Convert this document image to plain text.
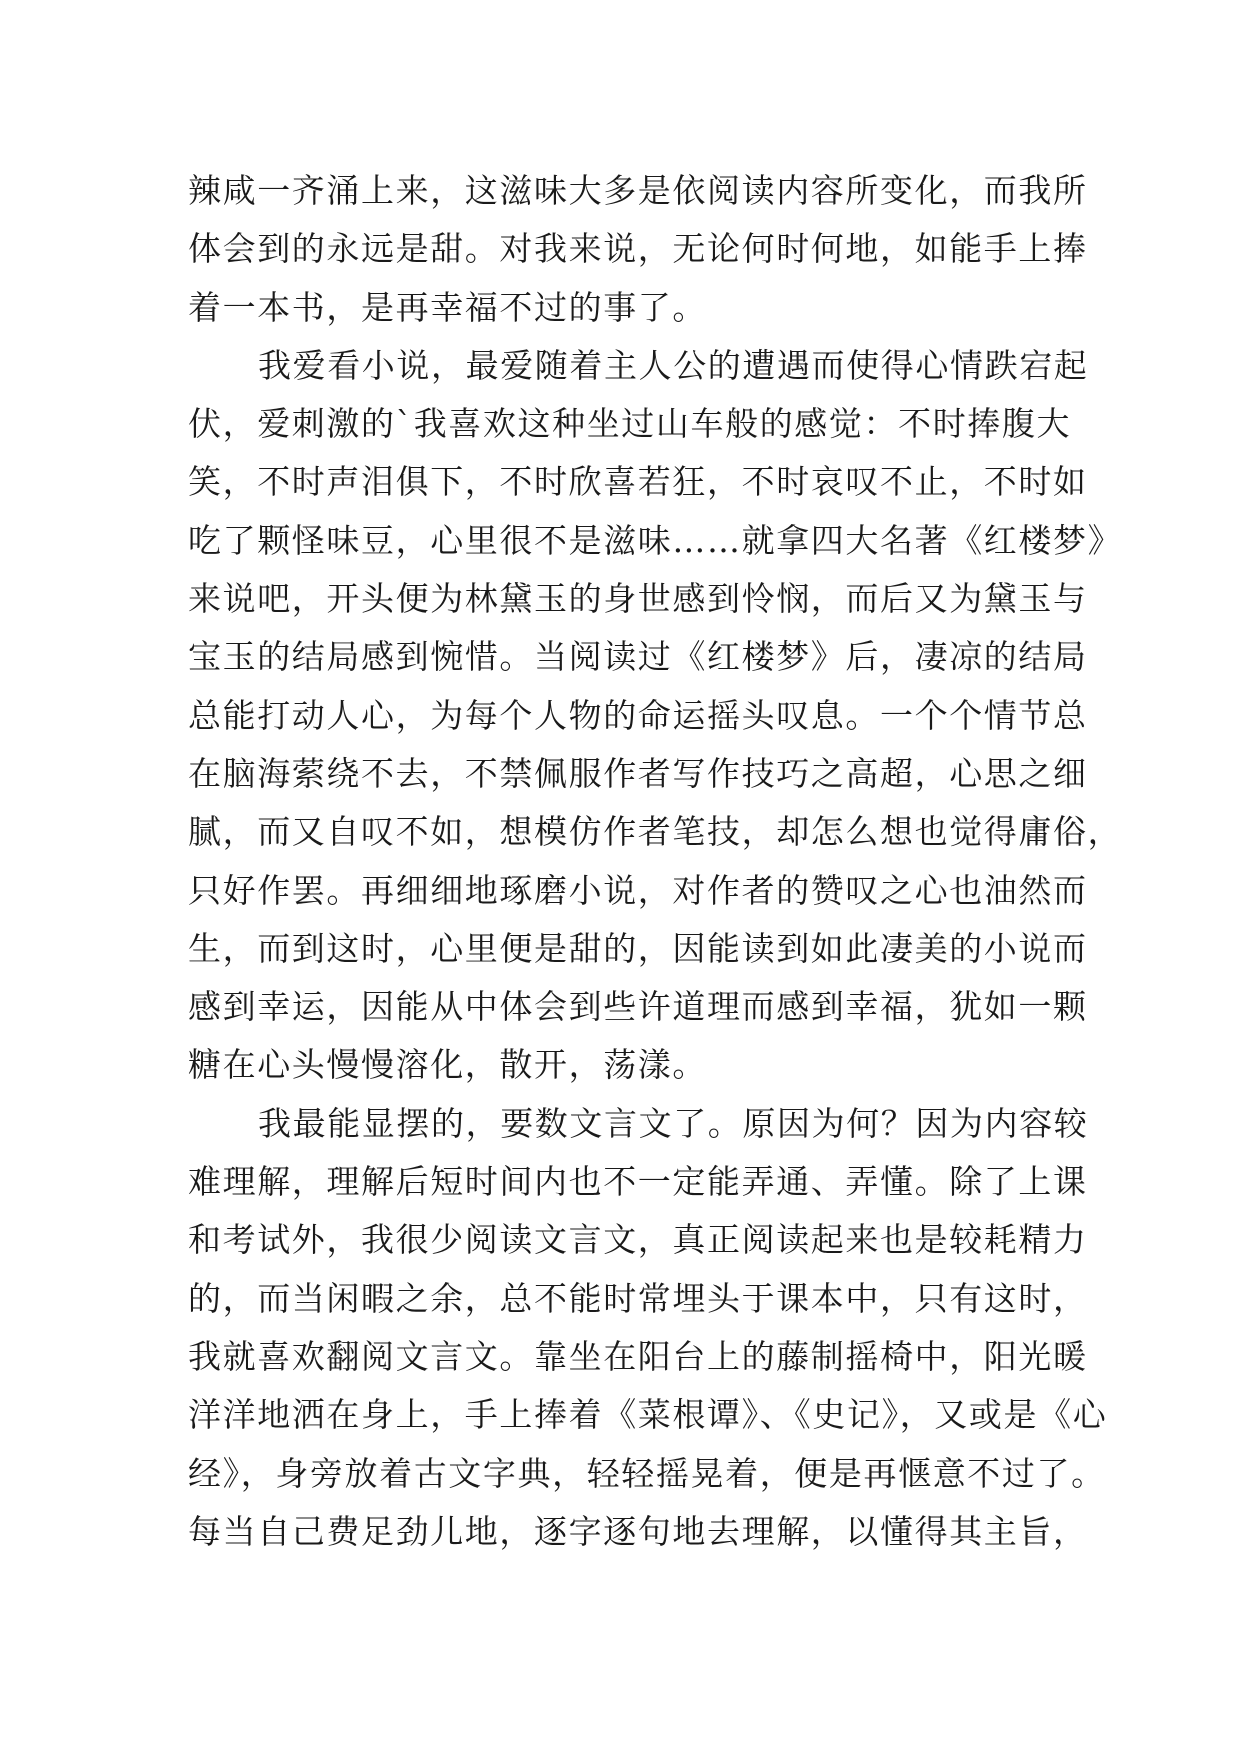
辣咸一齐涌上来，这滋味大多是依阅读内容所变化，而我所
体会到的永远是甜。对我来说，无论何时何地，如能手上捧
着一本书，是再幸福不过的事了。
我爱看小说，最爱随着主人公的遭遇而使得心情跌宕起
伏，爱刺激的`我喜欢这种坐过山车般的感觉：不时捧腹大
笑，不时声泪俱下，不时欣喜若狂，不时哀叹不止，不时如
吃了颗怪味豆，心里很不是滋味……就拿四大名著《红楼梦》
来说吧，开头便为林黛玉的身世感到怜悯，而后又为黛玉与
宝玉的结局感到惋惜。当阅读过《红楼梦》后，凄凉的结局
总能打动人心，为每个人物的命运摇头叹息。一个个情节总
在脑海萦绕不去，不禁佩服作者写作技巧之高超，心思之细
腻，而又自叹不如，想模仿作者笔技，却怎么想也觉得庸俗，
只好作罢。再细细地琢磨小说，对作者的赞叹之心也油然而
生，而到这时，心里便是甜的，因能读到如此凄美的小说而
感到幸运，因能从中体会到些许道理而感到幸福，犹如一颗
糖在心头慢慢溶化，散开，荡漾。
我最能显摆的，要数文言文了。原因为何？因为内容较
难理解，理解后短时间内也不一定能弄通、弄懂。除了上课
和考试外，我很少阅读文言文，真正阅读起来也是较耗精力
的，而当闲暇之余，总不能时常埋头于课本中，只有这时，
我就喜欢翻阅文言文。靠坐在阳台上的藤制摇椅中，阳光暖
洋洋地洒在身上，手上捧着《菜根谭》、《史记》，又或是《心
经》，身旁放着古文字典，轻轻摇晃着，便是再惬意不过了。
每当自己费足劲儿地，逐字逐句地去理解，以懂得其主旨，
